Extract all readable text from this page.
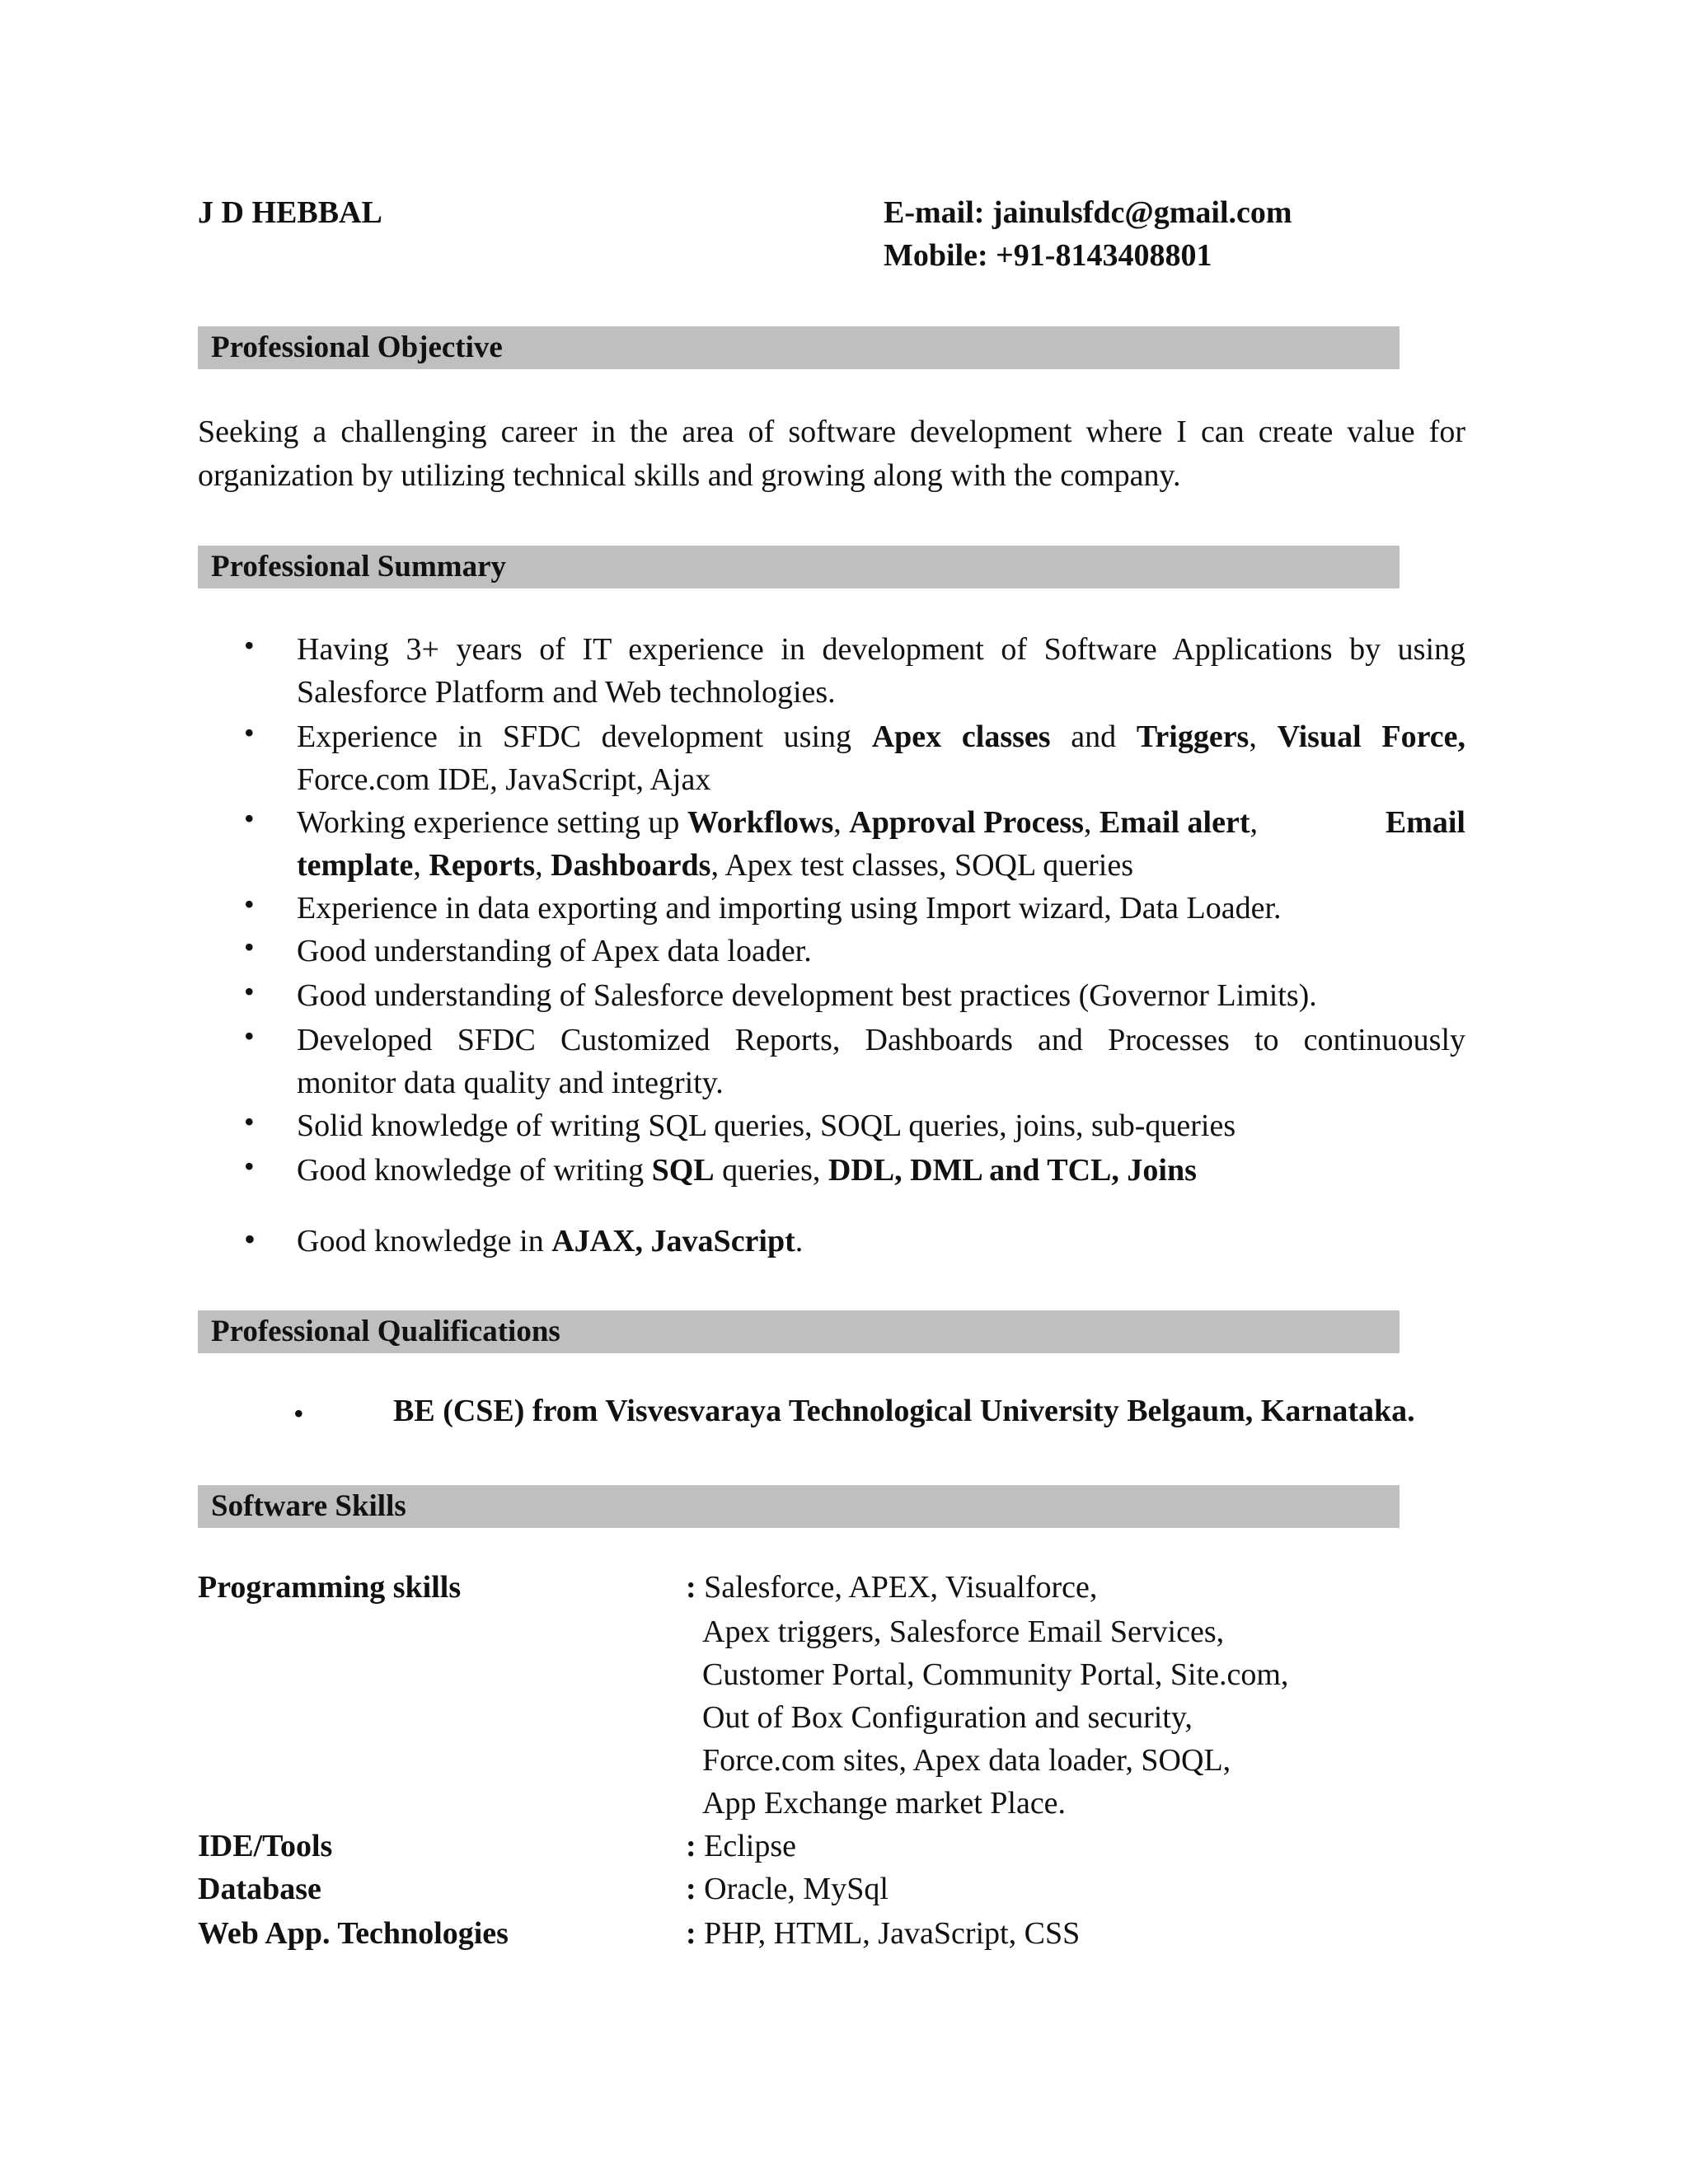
J D HEBBAL	E-mail: jainulsfdc@gmail.com
Mobile: +91-8143408801
Professional Objective
Seeking a challenging career in the area of software development where I can create value for
organization by utilizing technical skills and growing along with the company.
Professional Summary
• Having 3+ years of IT experience in development of Software Applications by using
Salesforce Platform and Web technologies.
• Experience in SFDC development using Apex classes and Triggers, Visual Force,
Force.com IDE, JavaScript, Ajax
• Working experience setting up Workflows, Approval Process, Email alert,	Email
template, Reports, Dashboards, Apex test classes, SOQL queries
• Experience in data exporting and importing using Import wizard, Data Loader.
• Good understanding of Apex data loader.
• Good understanding of Salesforce development best practices (Governor Limits).
• Developed SFDC Customized Reports, Dashboards and Processes to continuously
monitor data quality and integrity.
• Solid knowledge of writing SQL queries, SOQL queries, joins, sub-queries
• Good knowledge of writing SQL queries, DDL, DML and TCL, Joins
• Good knowledge in AJAX, JavaScript.
Professional Qualifications
•	BE (CSE) from Visvesvaraya Technological University Belgaum, Karnataka.
Software Skills
Programming skills	: Salesforce, APEX, Visualforce,
Apex triggers, Salesforce Email Services,
Customer Portal, Community Portal, Site.com,
Out of Box Configuration and security,
Force.com sites, Apex data loader, SOQL,
App Exchange market Place.
IDE/Tools	: Eclipse
Database	: Oracle, MySql
Web App. Technologies	: PHP, HTML, JavaScript, CSS
